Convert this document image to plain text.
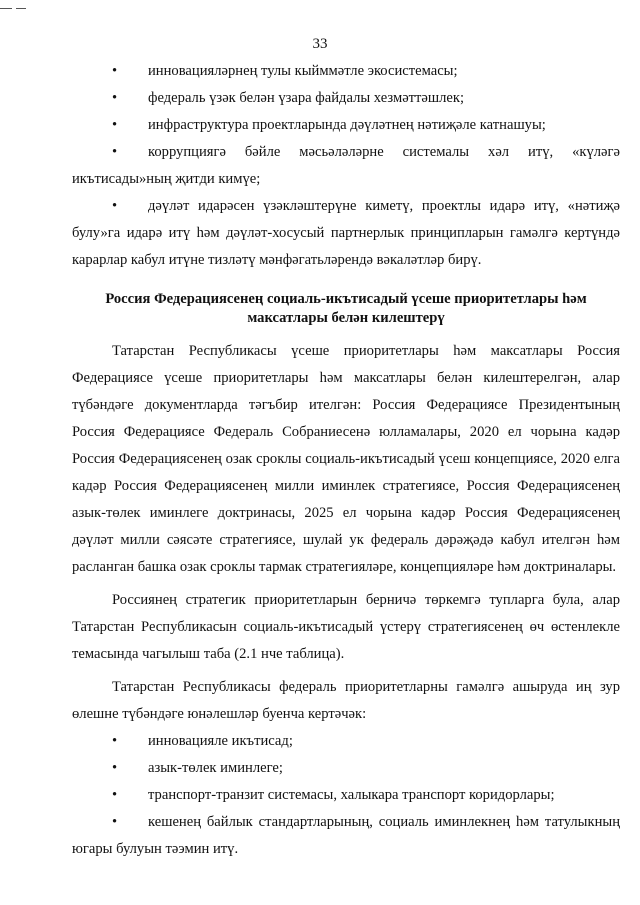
33
• инновацияләрнең тулы кыйммәтле экосистемасы;
• федераль үзәк белән үзара файдалы хезмәттәшлек;
• инфраструктура проектларында дәүләтнең нәтиҗәле катнашуы;
• коррупциягә бәйле мәсьәләләрне системалы хәл итү, «күләгә икътисады»ның җитди кимүе;
• дәүләт идарәсен үзәкләштерүне киметү, проектлы идарә итү, «нәтиҗә булу»га идарә итү һәм дәүләт-хосусый партнерлык принципларын гамәлгә кертүндә карарлар кабул итүне тизләтү мәнфәгатьләрендә вәкаләтләр бирү.
Россия Федерациясенең социаль-икътисадый үсеше приоритетлары һәм максатлары белән килештерү
Татарстан Республикасы үсеше приоритетлары һәм максатлары Россия Федерациясе үсеше приоритетлары һәм максатлары белән килештерелгән, алар түбәндәге документларда тәгъбир ителгән: Россия Федерациясе Президентының Россия Федерациясе Федераль Собраниесенә юлламалары, 2020 ел чорына кадәр Россия Федерациясенең озак сроклы социаль-икътисадый үсеш концепциясе, 2020 елга кадәр Россия Федерациясенең милли иминлек стратегиясе, Россия Федерациясенең азык-төлек иминлеге доктринасы, 2025 ел чорына кадәр Россия Федерациясенең дәүләт милли сәясәте стратегиясе, шулай ук федераль дәрәҗәдә кабул ителгән һәм расланган башка озак сроклы тармак стратегияләре, концепцияләре һәм доктриналары.
Россиянең стратегик приоритетларын берничә төркемгә тупларга була, алар Татарстан Республикасын социаль-икътисадый үстерү стратегиясенең өч өстенлекле темасында чагылыш таба (2.1 нче таблица).
Татарстан Республикасы федераль приоритетларны гамәлгә ашыруда иң зур өлешне түбәндәге юнәлешләр буенча кертәчәк:
• инновацияле икътисад;
• азык-төлек иминлеге;
• транспорт-транзит системасы, халыкара транспорт коридорлары;
• кешенең байлык стандартларының, социаль иминлекнең һәм татулыкның югары булуын тәэмин итү.
